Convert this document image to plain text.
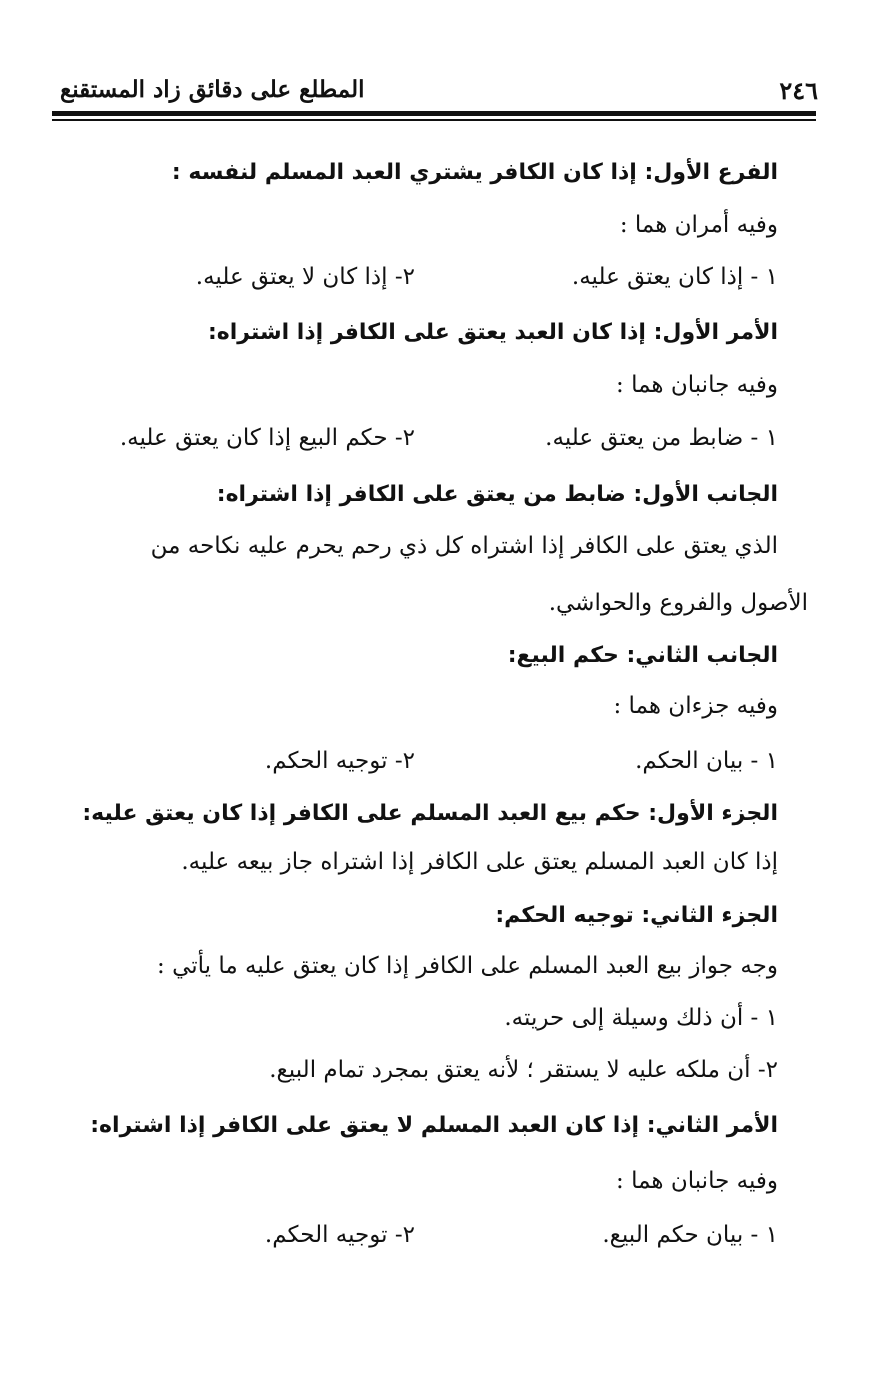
٢٤٦
المطلع على دقائق زاد المستقنع
الفرع الأول: إذا كان الكافر يشتري العبد المسلم لنفسه :
وفيه أمران هما :
١ - إذا كان يعتق عليه.
٢- إذا كان لا يعتق عليه.
الأمر الأول: إذا كان العبد يعتق على الكافر إذا اشتراه:
وفيه جانبان هما :
١ - ضابط من يعتق عليه.
٢- حكم البيع إذا كان يعتق عليه.
الجانب الأول: ضابط من يعتق على الكافر إذا اشتراه:
الذي يعتق على الكافر إذا اشتراه كل ذي رحم يحرم عليه نكاحه من
الأصول والفروع والحواشي.
الجانب الثاني: حكم البيع:
وفيه جزءان هما :
١ - بيان الحكم.
٢- توجيه الحكم.
الجزء الأول: حكم بيع العبد المسلم على الكافر إذا كان يعتق عليه:
إذا كان العبد المسلم يعتق على الكافر إذا اشتراه جاز بيعه عليه.
الجزء الثاني: توجيه الحكم:
وجه جواز بيع العبد المسلم على الكافر إذا كان يعتق عليه ما يأتي :
١ - أن ذلك وسيلة إلى حريته.
٢- أن ملكه عليه لا يستقر ؛ لأنه يعتق بمجرد تمام البيع.
الأمر الثاني: إذا كان العبد المسلم لا يعتق على الكافر إذا اشتراه:
وفيه جانبان هما :
١ - بيان حكم البيع.
٢- توجيه الحكم.
